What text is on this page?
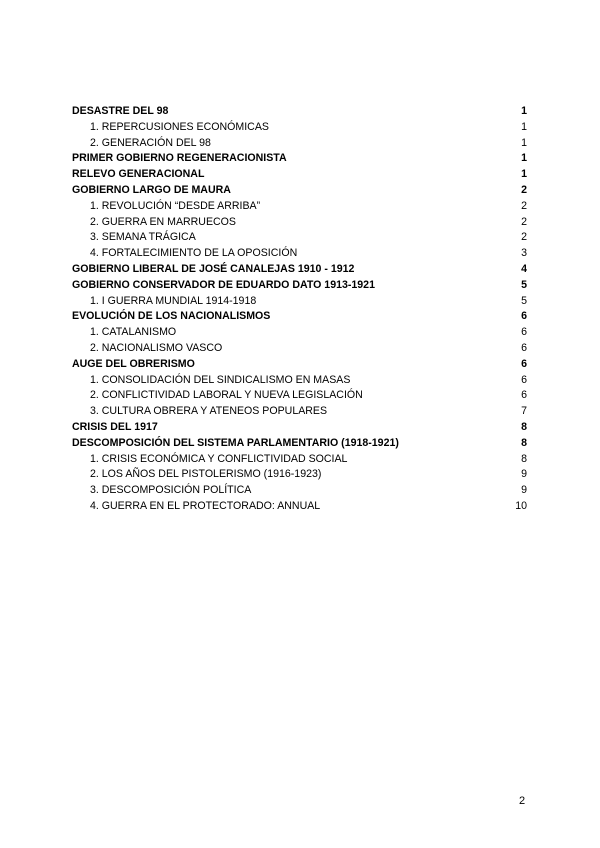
DESASTRE DEL 98	1
1. REPERCUSIONES ECONÓMICAS	1
2. GENERACIÓN DEL 98	1
PRIMER GOBIERNO REGENERACIONISTA	1
RELEVO GENERACIONAL	1
GOBIERNO LARGO DE MAURA	2
1. REVOLUCIÓN “DESDE ARRIBA”	2
2. GUERRA EN MARRUECOS	2
3. SEMANA TRÁGICA	2
4. FORTALECIMIENTO DE LA OPOSICIÓN	3
GOBIERNO LIBERAL DE JOSÉ CANALEJAS 1910 - 1912	4
GOBIERNO CONSERVADOR DE EDUARDO DATO 1913-1921	5
1. I GUERRA MUNDIAL 1914-1918	5
EVOLUCIÓN DE LOS NACIONALISMOS	6
1. CATALANISMO	6
2. NACIONALISMO VASCO	6
AUGE DEL OBRERISMO	6
1. CONSOLIDACIÓN DEL SINDICALISMO EN MASAS	6
2. CONFLICTIVIDAD LABORAL Y NUEVA LEGISLACIÓN	6
3. CULTURA OBRERA Y ATENEOS POPULARES	7
CRISIS DEL 1917	8
DESCOMPOSICIÓN DEL SISTEMA PARLAMENTARIO (1918-1921)	8
1. CRISIS ECONÓMICA Y CONFLICTIVIDAD SOCIAL	8
2. LOS AÑOS DEL PISTOLERISMO (1916-1923)	9
3. DESCOMPOSICIÓN POLÍTICA	9
4. GUERRA EN EL PROTECTORADO: ANNUAL	10
2
